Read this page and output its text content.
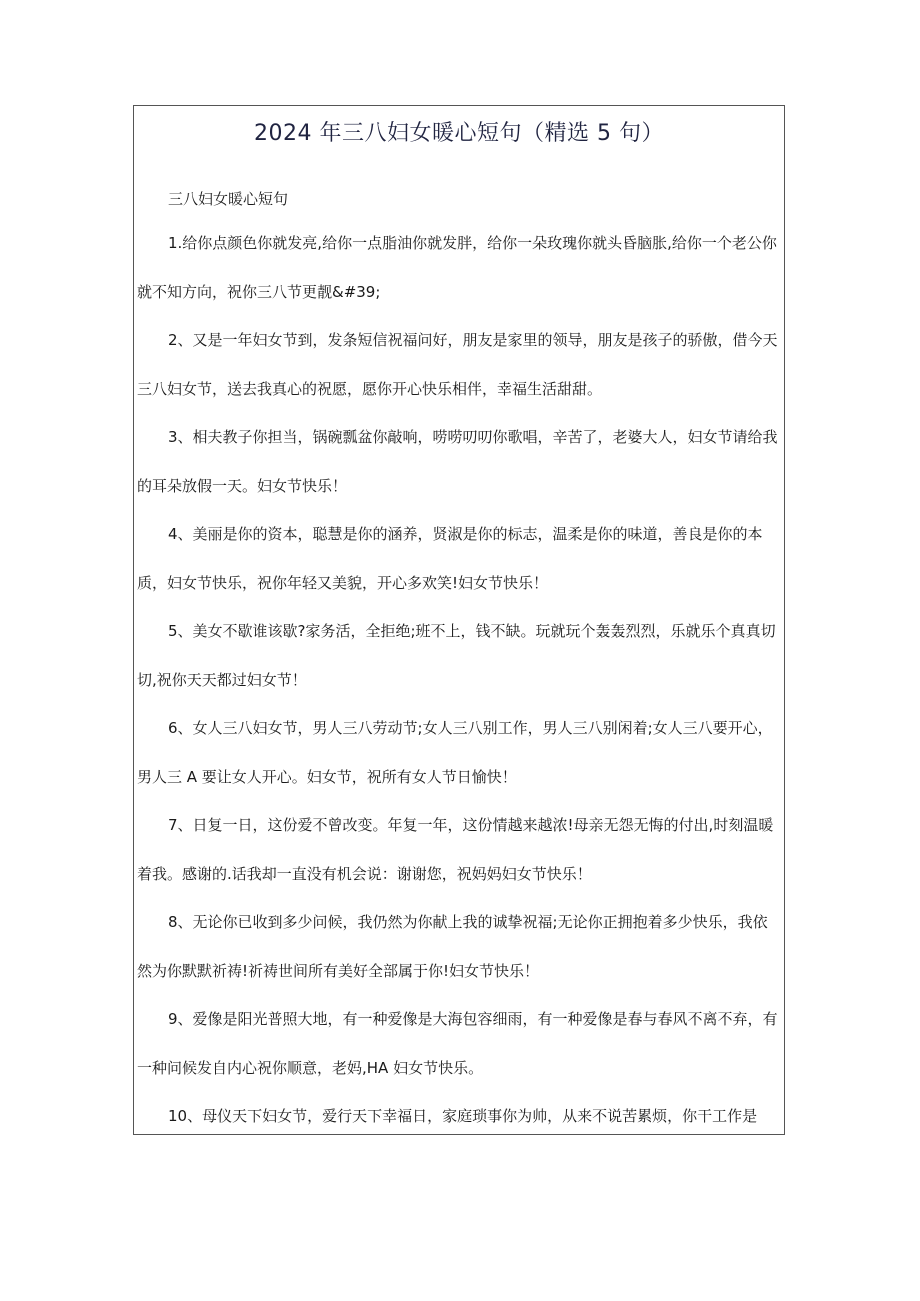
2024 年三八妇女暖心短句（精选 5 句）

三八妇女暖心短句

1.给你点颜色你就发亮,给你一点脂油你就发胖，给你一朵玫瑰你就头昏脑胀,给你一个老公你就不知方向，祝你三八节更靓&#39;

2、又是一年妇女节到，发条短信祝福问好，朋友是家里的领导，朋友是孩子的骄傲，借今天三八妇女节，送去我真心的祝愿，愿你开心快乐相伴，幸福生活甜甜。

3、相夫教子你担当，锅碗瓢盆你敲响，唠唠叨叨你歌唱，辛苦了，老婆大人，妇女节请给我的耳朵放假一天。妇女节快乐！

4、美丽是你的资本，聪慧是你的涵养，贤淑是你的标志，温柔是你的味道，善良是你的本质，妇女节快乐，祝你年轻又美貌，开心多欢笑!妇女节快乐！

5、美女不歇谁该歇?家务活，全拒绝;班不上，钱不缺。玩就玩个轰轰烈烈，乐就乐个真真切切,祝你天天都过妇女节！

6、女人三八妇女节，男人三八劳动节;女人三八别工作，男人三八别闲着;女人三八要开心，男人三 A 要让女人开心。妇女节，祝所有女人节日愉快！

7、日复一日，这份爱不曾改变。年复一年，这份情越来越浓!母亲无怨无悔的付出,时刻温暖着我。感谢的.话我却一直没有机会说：谢谢您，祝妈妈妇女节快乐！

8、无论你已收到多少问候，我仍然为你献上我的诚挚祝福;无论你正拥抱着多少快乐，我依然为你默默祈祷!祈祷世间所有美好全部属于你!妇女节快乐！

9、爱像是阳光普照大地，有一种爱像是大海包容细雨，有一种爱像是春与春风不离不弃，有一种问候发自内心祝你顺意，老妈,HA 妇女节快乐。

10、母仪天下妇女节，爱行天下幸福日，家庭琐事你为帅，从来不说苦累烦，你干工作是
